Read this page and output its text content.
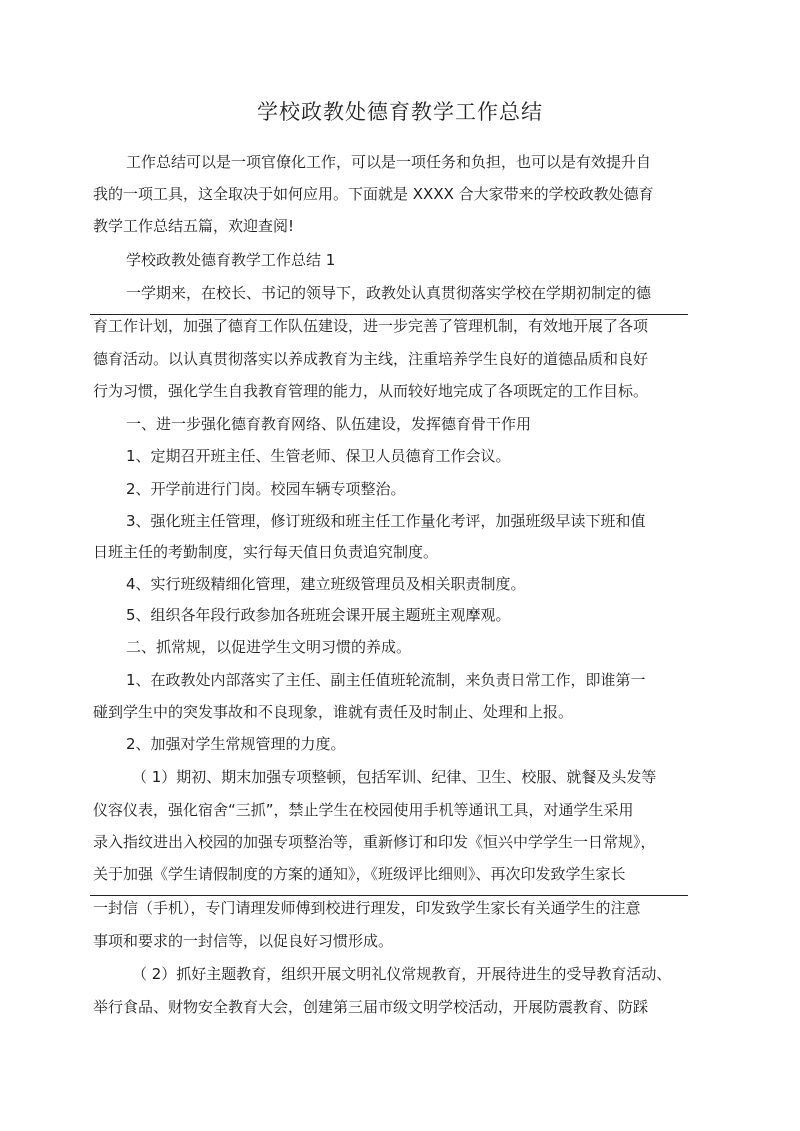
学校政教处德育教学工作总结
工作总结可以是一项官僚化工作，可以是一项任务和负担，也可以是有效提升自
我的一项工具，这全取决于如何应用。下面就是 XXXX 合大家带来的学校政教处德育
教学工作总结五篇，欢迎查阅!
学校政教处德育教学工作总结 1
一学期来，在校长、书记的领导下，政教处认真贯彻落实学校在学期初制定的德
育工作计划，加强了德育工作队伍建设，进一步完善了管理机制，有效地开展了各项
德育活动。以认真贯彻落实以养成教育为主线，注重培养学生良好的道德品质和良好
行为习惯，强化学生自我教育管理的能力，从而较好地完成了各项既定的工作目标。
一、进一步强化德育教育网络、队伍建设，发挥德育骨干作用
1、定期召开班主任、生管老师、保卫人员德育工作会议。
2、开学前进行门岗。校园车辆专项整治。
3、强化班主任管理，修订班级和班主任工作量化考评，加强班级早读下班和值
日班主任的考勤制度，实行每天值日负责追究制度。
4、实行班级精细化管理，建立班级管理员及相关职责制度。
5、组织各年段行政参加各班班会课开展主题班主观摩观。
二、抓常规，以促进学生文明习惯的养成。
1、在政教处内部落实了主任、副主任值班轮流制，来负责日常工作，即谁第一
碰到学生中的突发事故和不良现象，谁就有责任及时制止、处理和上报。
2、加强对学生常规管理的力度。
（ 1）期初、期末加强专项整顿，包括军训、纪律、卫生、校服、就餐及头发等
仪容仪表，强化宿舍“三抓”，禁止学生在校园使用手机等通讯工具，对通学生采用
录入指纹进出入校园的加强专项整治等，重新修订和印发《恒兴中学学生一日常规》，
关于加强《学生请假制度的方案的通知》，《班级评比细则》、再次印发致学生家长
一封信（手机），专门请理发师傅到校进行理发，印发致学生家长有关通学生的注意
事项和要求的一封信等，以促良好习惯形成。
（ 2）抓好主题教育，组织开展文明礼仪常规教育，开展待进生的受导教育活动、
举行食品、财物安全教育大会，创建第三届市级文明学校活动，开展防震教育、防踩
